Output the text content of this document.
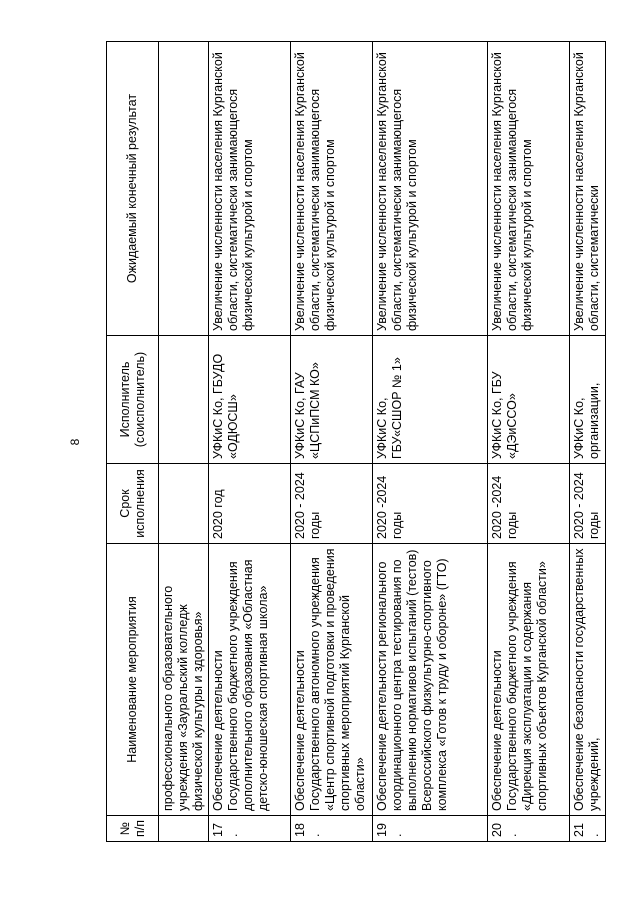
8
№ п/п	Наименование мероприятия	Срок исполнения	Исполнитель (соисполнитель)	Ожидаемый конечный результат
	профессионального образовательного учреждения «Зауральский колледж физической культуры и здоровья»			
17.	Обеспечение деятельности Государственного бюджетного учреждения дополнительного образования «Областная детско-юношеская спортивная школа»	2020 год	УФКиС Ко, ГБУДО «ОДЮСШ»	Увеличение численности населения Курганской области, систематически занимающегося физической культурой и спортом
18.	Обеспечение деятельности Государственного автономного учреждения «Центр спортивной подготовки и проведения спортивных мероприятий Курганской области»	2020 - 2024 годы	УФКиС Ко, ГАУ «ЦСПиПСМ КО»	Увеличение численности населения Курганской области, систематически занимающегося физической культурой и спортом
19.	Обеспечение деятельности регионального координационного центра тестирования по выполнению нормативов испытаний (тестов) Всероссийского физкультурно-спортивного комплекса «Готов к труду и обороне» (ГТО)	2020 -2024 годы	УФКиС Ко, ГБУ«СШОР № 1»	Увеличение численности населения Курганской области, систематически занимающегося физической культурой и спортом
20.	Обеспечение деятельности Государственного бюджетного учреждения «Дирекция эксплуатации и содержания спортивных объектов Курганской области»	2020 -2024 годы	УФКиС Ко, ГБУ «ДЭиССО»	Увеличение численности населения Курганской области, систематически занимающегося физической культурой и спортом
21.	Обеспечение безопасности государственных учреждений,	2020 - 2024 годы	УФКиС Ко, организации,	Увеличение численности населения Курганской области, систематически
